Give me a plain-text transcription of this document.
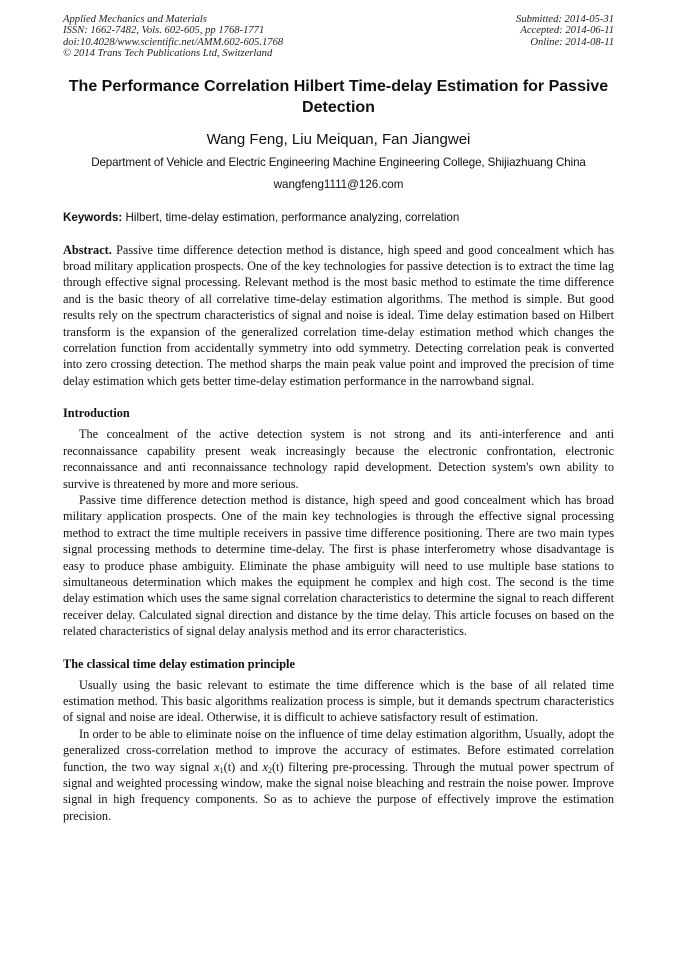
Applied Mechanics and Materials
ISSN: 1662-7482, Vols. 602-605, pp 1768-1771
doi:10.4028/www.scientific.net/AMM.602-605.1768
© 2014 Trans Tech Publications Ltd, Switzerland
Submitted: 2014-05-31
Accepted: 2014-06-11
Online: 2014-08-11
The Performance Correlation Hilbert Time-delay Estimation for Passive Detection
Wang Feng, Liu Meiquan, Fan Jiangwei
Department of Vehicle and Electric Engineering Machine Engineering College, Shijiazhuang China
wangfeng1111@126.com
Keywords: Hilbert, time-delay estimation, performance analyzing, correlation
Abstract. Passive time difference detection method is distance, high speed and good concealment which has broad military application prospects. One of the key technologies for passive detection is to extract the time lag through effective signal processing. Relevant method is the most basic method to estimate the time difference and is the basic theory of all correlative time-delay estimation algorithms. The method is simple. But good results rely on the spectrum characteristics of signal and noise is ideal. Time delay estimation based on Hilbert transform is the expansion of the generalized correlation time-delay estimation method which changes the correlation function from accidentally symmetry into odd symmetry. Detecting correlation peak is converted into zero crossing detection. The method sharps the main peak value point and improved the precision of time delay estimation which gets better time-delay estimation performance in the narrowband signal.
Introduction
The concealment of the active detection system is not strong and its anti-interference and anti reconnaissance capability present weak increasingly because the electronic confrontation, electronic reconnaissance and anti reconnaissance technology rapid development. Detection system's own ability to survive is threatened by more and more serious.
Passive time difference detection method is distance, high speed and good concealment which has broad military application prospects. One of the main key technologies is through the effective signal processing method to extract the time multiple receivers in passive time difference positioning. There are two main types signal processing methods to determine time-delay. The first is phase interferometry whose disadvantage is easy to produce phase ambiguity. Eliminate the phase ambiguity will need to use multiple base stations to simultaneous determination which makes the equipment he complex and high cost. The second is the time delay estimation which uses the same signal correlation characteristics to determine the signal to reach different receiver delay. Calculated signal direction and distance by the time delay. This article focuses on based on the related characteristics of signal delay analysis method and its error characteristics.
The classical time delay estimation principle
Usually using the basic relevant to estimate the time difference which is the base of all related time estimation method. This basic algorithms realization process is simple, but it demands spectrum characteristics of signal and noise are ideal. Otherwise, it is difficult to achieve satisfactory result of estimation.
In order to be able to eliminate noise on the influence of time delay estimation algorithm, Usually, adopt the generalized cross-correlation method to improve the accuracy of estimates. Before estimated correlation function, the two way signal $x_1(t)$ and $x_2(t)$ filtering pre-processing. Through the mutual power spectrum of signal and weighted processing window, make the signal noise bleaching and restrain the noise power. Improve signal in high frequency components. So as to achieve the purpose of effectively improve the estimation precision.
